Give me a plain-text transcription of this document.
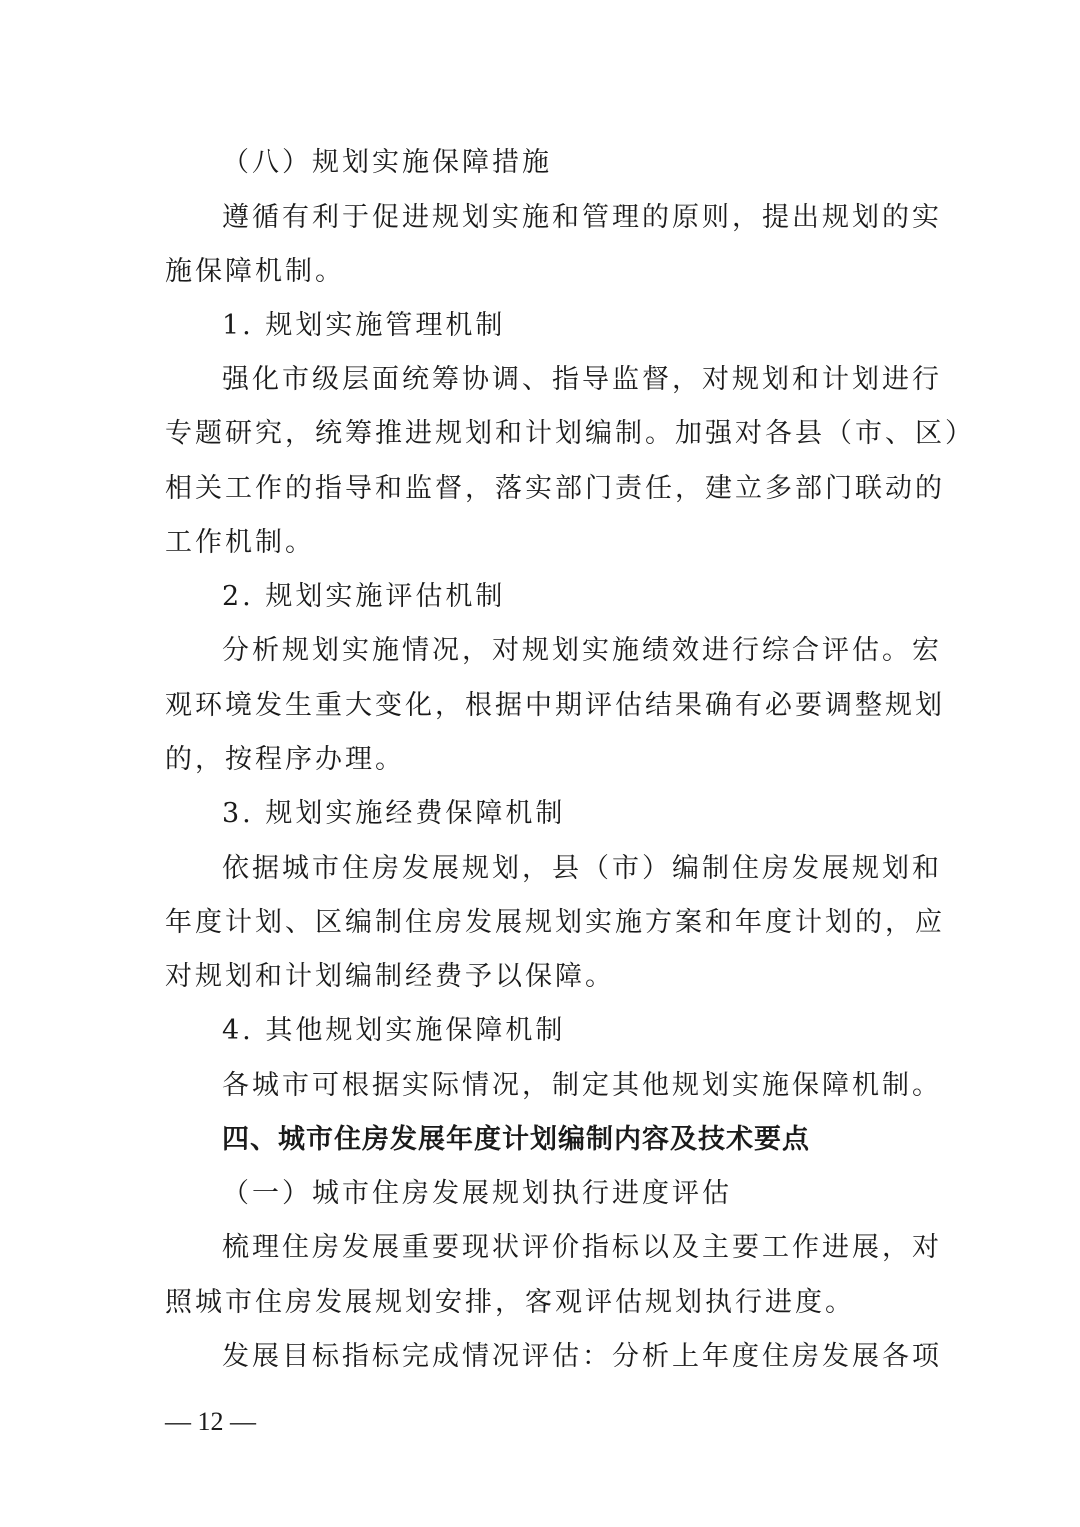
（八）规划实施保障措施
遵循有利于促进规划实施和管理的原则，提出规划的实
施保障机制。
1. 规划实施管理机制
强化市级层面统筹协调、指导监督，对规划和计划进行
专题研究，统筹推进规划和计划编制。加强对各县（市、区）
相关工作的指导和监督，落实部门责任，建立多部门联动的
工作机制。
2. 规划实施评估机制
分析规划实施情况，对规划实施绩效进行综合评估。宏
观环境发生重大变化，根据中期评估结果确有必要调整规划
的，按程序办理。
3. 规划实施经费保障机制
依据城市住房发展规划，县（市）编制住房发展规划和
年度计划、区编制住房发展规划实施方案和年度计划的，应
对规划和计划编制经费予以保障。
4. 其他规划实施保障机制
各城市可根据实际情况，制定其他规划实施保障机制。
四、城市住房发展年度计划编制内容及技术要点
（一）城市住房发展规划执行进度评估
梳理住房发展重要现状评价指标以及主要工作进展，对
照城市住房发展规划安排，客观评估规划执行进度。
发展目标指标完成情况评估：分析上年度住房发展各项
— 12 —
